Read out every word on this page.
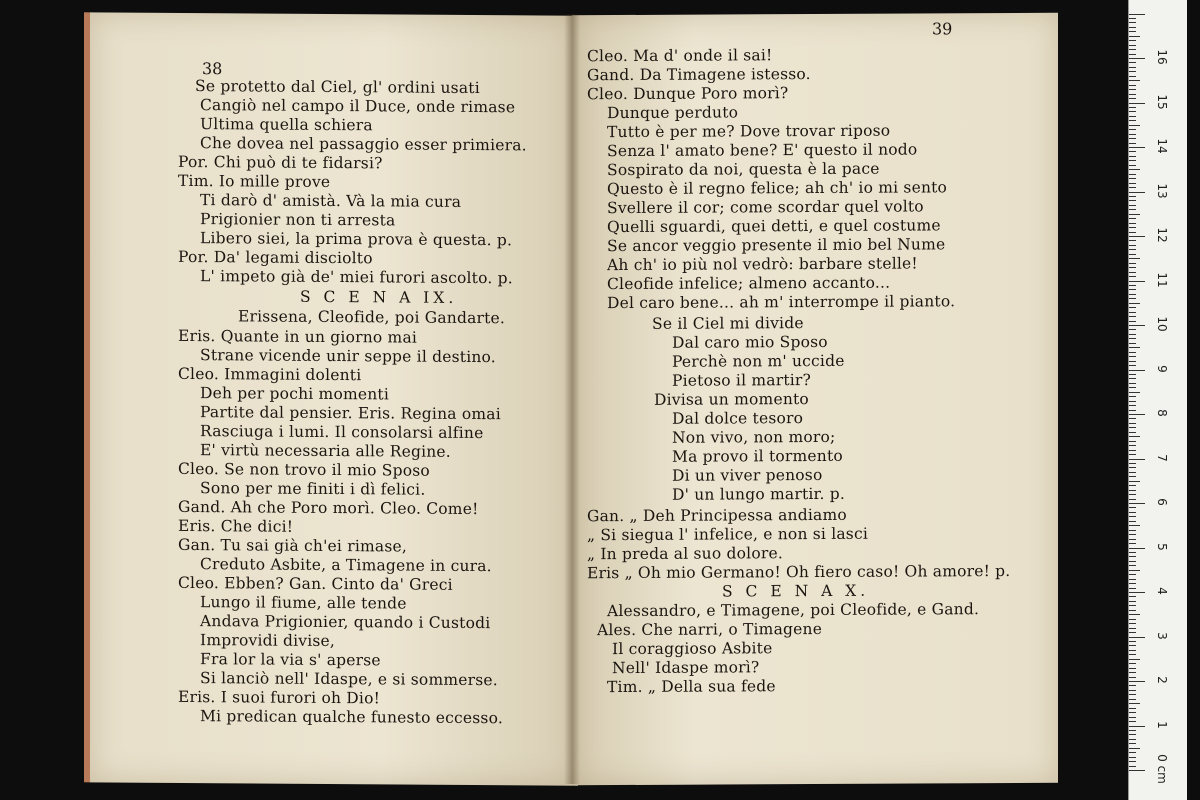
38
Se protetto dal Ciel, gl' ordini usati
Cangiò nel campo il Duce, onde rimase
Ultima quella schiera
Che dovea nel passaggio esser primiera.
Por. Chi può di te fidarsi?
Tim. Io mille prove
Ti darò d' amistà. Và la mia cura
Prigionier non ti arresta
Libero siei, la prima prova è questa. p.
Por. Da' legami disciolto
L' impeto già de' miei furori ascolto. p.
S C E N A IX.
Erissena, Cleofide, poi Gandarte.
Eris. Quante in un giorno mai
Strane vicende unir seppe il destino.
Cleo. Immagini dolenti
Deh per pochi momenti
Partite dal pensier. Eris. Regina omai
Rasciuga i lumi. Il consolarsi alfine
E' virtù necessaria alle Regine.
Cleo. Se non trovo il mio Sposo
Sono per me finiti i dì felici.
Gand. Ah che Poro morì. Cleo. Come!
Eris. Che dici!
Gan. Tu sai già ch'ei rimase,
Creduto Asbite, a Timagene in cura.
Cleo. Ebben? Gan. Cinto da' Greci
Lungo il fiume, alle tende
Andava Prigionier, quando i Custodi
Improvidi divise,
Fra lor la via s' aperse
Si lanciò nell' Idaspe, e si sommerse.
Eris. I suoi furori oh Dio!
Mi predican qualche funesto eccesso.
39
Cleo. Ma d' onde il sai!
Gand. Da Timagene istesso.
Cleo. Dunque Poro morì?
Dunque perduto
Tutto è per me? Dove trovar riposo
Senza l' amato bene? E' questo il nodo
Sospirato da noi, questa è la pace
Questo è il regno felice; ah ch' io mi sento
Svellere il cor; come scordar quel volto
Quelli sguardi, quei detti, e quel costume
Se ancor veggio presente il mio bel Nume
Ah ch' io più nol vedrò: barbare stelle!
Cleofide infelice; almeno accanto...
Del caro bene... ah m' interrompe il pianto.
Se il Ciel mi divide
Dal caro mio Sposo
Perchè non m' uccide
Pietoso il martir?
Divisa un momento
Dal dolce tesoro
Non vivo, non moro;
Ma provo il tormento
Di un viver penoso
D' un lungo martir. p.
Gan. „ Deh Principessa andiamo
„ Si siegua l' infelice, e non si lasci
„ In preda al suo dolore.
Eris „ Oh mio Germano! Oh fiero caso! Oh amore! p.
S C E N A X.
Alessandro, e Timagene, poi Cleofide, e Gand.
Ales. Che narri, o Timagene
Il coraggioso Asbite
Nell' Idaspe morì?
Tim. „ Della sua fede
0 cm
1
2
3
4
5
6
7
8
9
10
11
12
13
14
15
16
